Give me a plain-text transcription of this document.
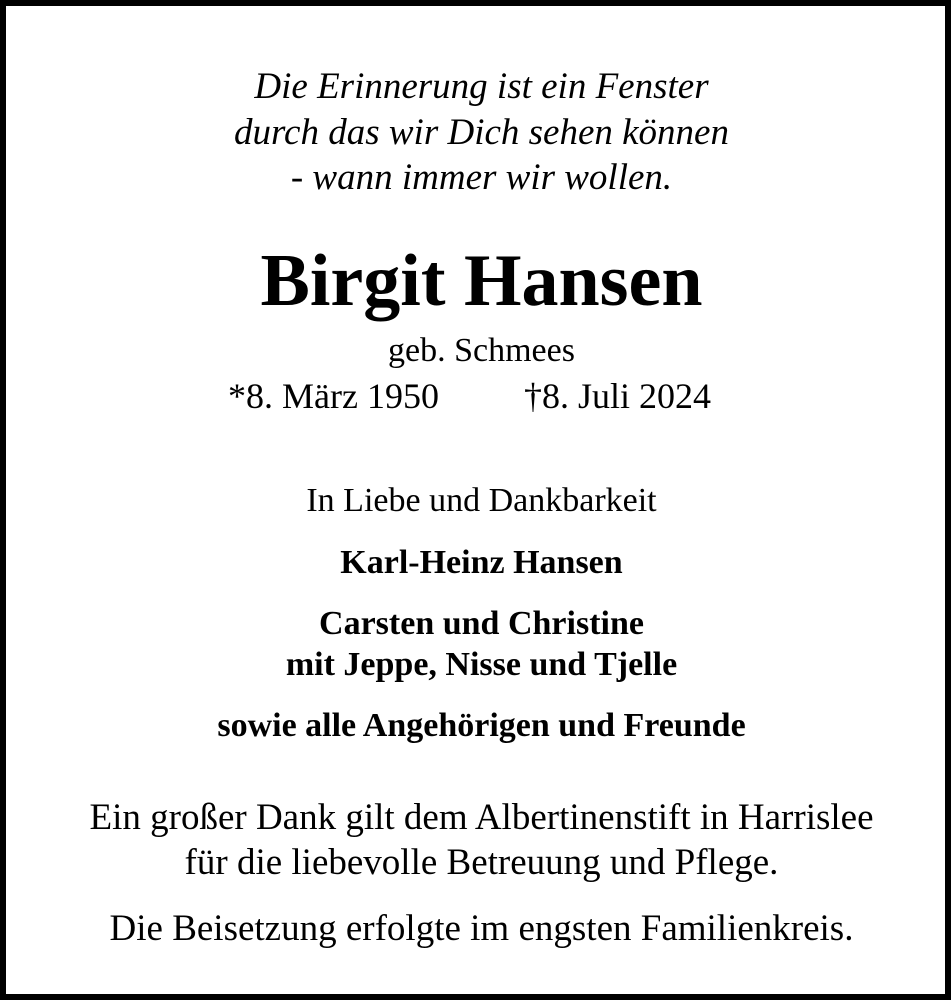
Die Erinnerung ist ein Fenster
durch das wir Dich sehen können
- wann immer wir wollen.
Birgit Hansen
geb. Schmees
*8. März 1950 †8. Juli 2024
In Liebe und Dankbarkeit
Karl-Heinz Hansen
Carsten und Christine
mit Jeppe, Nisse und Tjelle
sowie alle Angehörigen und Freunde
Ein großer Dank gilt dem Albertinenstift in Harrislee
für die liebevolle Betreuung und Pflege.
Die Beisetzung erfolgte im engsten Familienkreis.
